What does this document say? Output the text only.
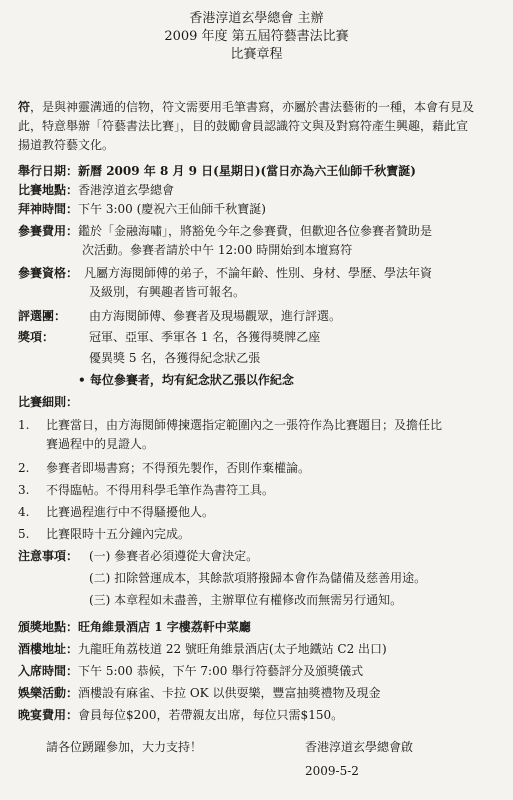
香港淳道玄學總會 主辦
2009 年度 第五屆符藝書法比賽
比賽章程
符，是與神靈溝通的信物，符文需要用毛筆書寫，亦屬於書法藝術的一種，本會有見及
此，特意舉辦「符藝書法比賽」，目的鼓勵會員認識符文與及對寫符產生興趣，藉此宣
揚道教符藝文化。
舉行日期：新曆 2009 年 8 月 9 日(星期日)(當日亦為六王仙師千秋寶誕)
比賽地點：香港淳道玄學總會
拜神時間：下午 3:00 (慶祝六王仙師千秋寶誕)
參賽費用：鑑於「金融海嘯」，將豁免今年之參賽費，但歡迎各位參賽者贊助是
次活動。參賽者請於中午 12:00 時開始到本壇寫符
參賽資格： 凡屬方海閱師傅的弟子，不論年齡、性別、身材、學歷、學法年資
及級別，有興趣者皆可報名。
評選團： 由方海閱師傅、參賽者及現場觀眾，進行評選。
獎項：	冠軍、亞軍、季軍各 1 名，各獲得獎牌乙座
優異獎 5 名，各獲得紀念狀乙張
• 每位參賽者，均有紀念狀乙張以作紀念
比賽細則：
1. 比賽當日，由方海閱師傅揀選指定範圍內之一張符作為比賽題目；及擔任比
賽過程中的見證人。
2. 參賽者即場書寫；不得預先製作，否則作棄權論。
3. 不得臨帖。不得用科學毛筆作為書符工具。
4. 比賽過程進行中不得騷擾他人。
5. 比賽限時十五分鐘內完成。
注意事項： (一) 參賽者必須遵從大會決定。
(二) 扣除營運成本，其餘款項將撥歸本會作為儲備及慈善用途。
(三) 本章程如未盡善，主辦單位有權修改而無需另行通知。
頒獎地點：旺角維景酒店 1 字樓荔軒中菜廳
酒樓地址：九龍旺角荔枝道 22 號旺角維景酒店(太子地鐵站 C2 出口)
入席時間：下午 5:00 恭候，下午 7:00 舉行符藝評分及頒獎儀式
娛樂活動：酒樓設有麻雀、卡拉 OK 以供耍樂，豐富抽獎禮物及現金
晚宴費用：會員每位$200，若帶親友出席，每位只需$150。
請各位踴躍參加，大力支持！	香港淳道玄學總會啟
2009-5-2
